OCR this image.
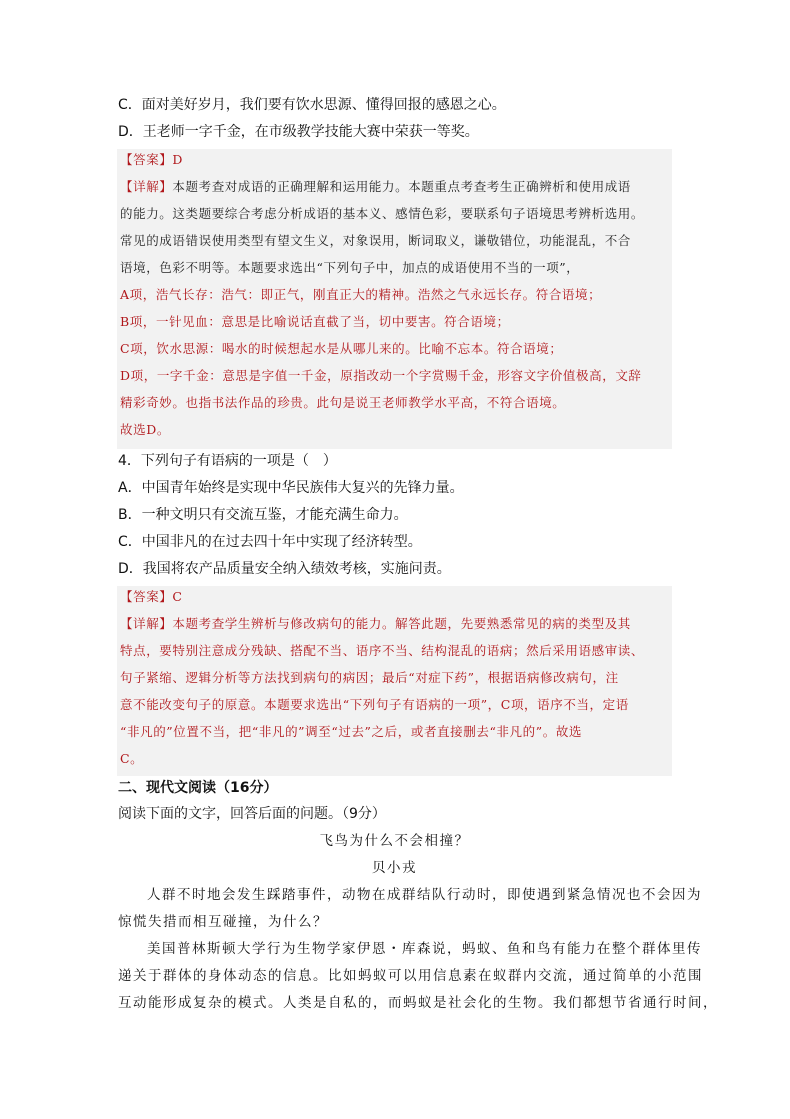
C．面对美好岁月，我们要有饮水思源、懂得回报的感恩之心。
D．王老师一字千金，在市级教学技能大赛中荣获一等奖。
【答案】D
【详解】本题考查对成语的正确理解和运用能力。本题重点考查考生正确辨析和使用成语
的能力。这类题要综合考虑分析成语的基本义、感情色彩，要联系句子语境思考辨析选用。
常见的成语错误使用类型有望文生义，对象误用，断词取义，谦敬错位，功能混乱，不合
语境，色彩不明等。本题要求选出“下列句子中，加点的成语使用不当的一项”，
A项，浩气长存：浩气：即正气，刚直正大的精神。浩然之气永远长存。符合语境；
B项，一针见血：意思是比喻说话直截了当，切中要害。符合语境；
C项，饮水思源：喝水的时候想起水是从哪儿来的。比喻不忘本。符合语境；
D项，一字千金：意思是字值一千金，原指改动一个字赏赐千金，形容文字价值极高，文辞
精彩奇妙。也指书法作品的珍贵。此句是说王老师教学水平高，不符合语境。
故选D。
4．下列句子有语病的一项是（　）
A．中国青年始终是实现中华民族伟大复兴的先锋力量。
B．一种文明只有交流互鉴，才能充满生命力。
C．中国非凡的在过去四十年中实现了经济转型。
D．我国将农产品质量安全纳入绩效考核，实施问责。
【答案】C
【详解】本题考查学生辨析与修改病句的能力。解答此题，先要熟悉常见的病的类型及其
特点，要特别注意成分残缺、搭配不当、语序不当、结构混乱的语病；然后采用语感审读、
句子紧缩、逻辑分析等方法找到病句的病因；最后“对症下药”，根据语病修改病句，注
意不能改变句子的原意。本题要求选出“下列句子有语病的一项”，C项，语序不当，定语
“非凡的”位置不当，把“非凡的”调至“过去”之后，或者直接删去“非凡的”。故选
C。
二、现代文阅读（16分）
阅读下面的文字，回答后面的问题。（9分）
飞鸟为什么不会相撞？
贝小戎
人群不时地会发生踩踏事件，动物在成群结队行动时，即使遇到紧急情况也不会因为
惊慌失措而相互碰撞，为什么？
美国普林斯顿大学行为生物学家伊恩・库森说，蚂蚁、鱼和鸟有能力在整个群体里传
递关于群体的身体动态的信息。比如蚂蚁可以用信息素在蚁群内交流，通过简单的小范围
互动能形成复杂的模式。人类是自私的，而蚂蚁是社会化的生物。我们都想节省通行时间，
